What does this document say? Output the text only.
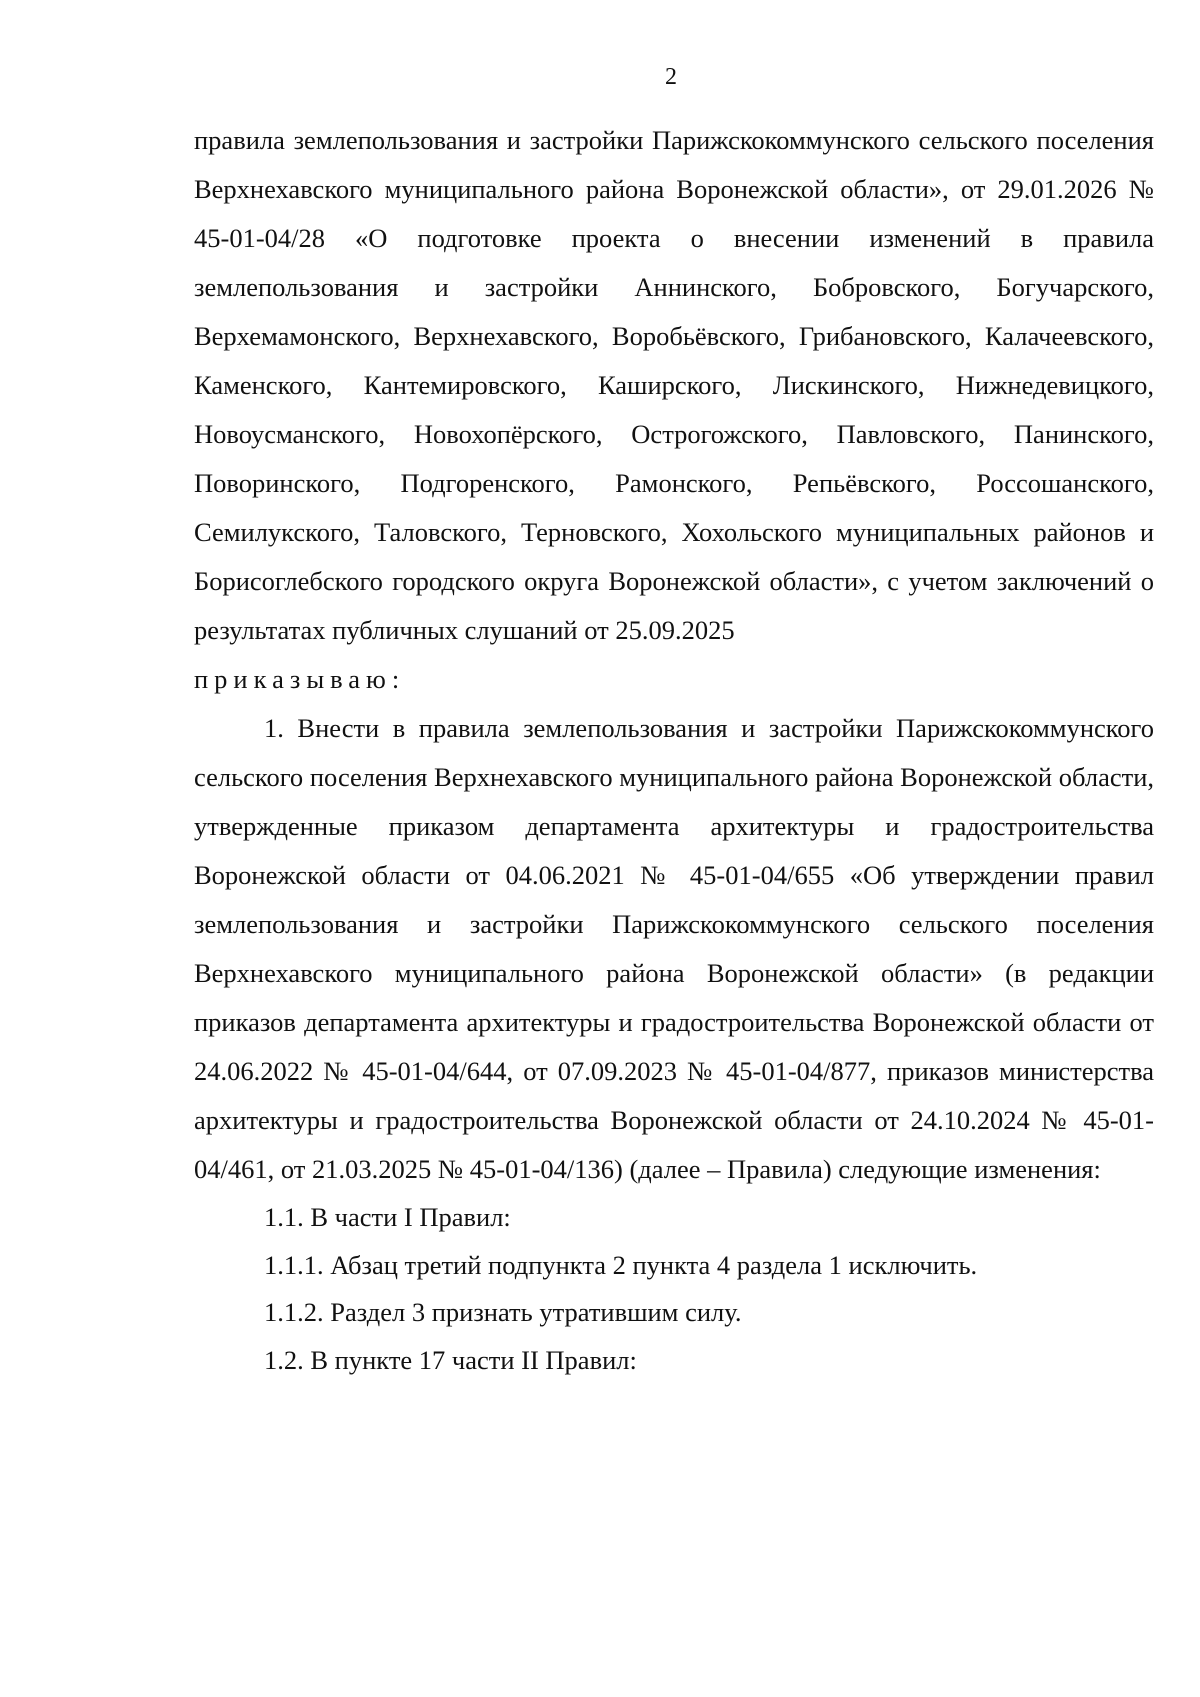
2

правила землепользования и застройки Парижскокоммунского сельского поселения Верхнехавского муниципального района Воронежской области», от 29.01.2026 № 45-01-04/28 «О подготовке проекта о внесении изменений в правила землепользования и застройки Аннинского, Бобровского, Богучарского, Верхемамонского, Верхнехавского, Воробьёвского, Грибановского, Калачеевского, Каменского, Кантемировского, Каширского, Лискинского, Нижнедевицкого, Новоусманского, Новохопёрского, Острогожского, Павловского, Панинского, Поворинского, Подгоренского, Рамонского, Репьёвского, Россошанского, Семилукского, Таловского, Терновского, Хохольского муниципальных районов и Борисоглебского городского округа Воронежской области», с учетом заключений о результатах публичных слушаний от 25.09.2025

приказываю:

1. Внести в правила землепользования и застройки Парижскокоммунского сельского поселения Верхнехавского муниципального района Воронежской области, утвержденные приказом департамента архитектуры и градостроительства Воронежской области от 04.06.2021 № 45-01-04/655 «Об утверждении правил землепользования и застройки Парижскокоммунского сельского поселения Верхнехавского муниципального района Воронежской области» (в редакции приказов департамента архитектуры и градостроительства Воронежской области от 24.06.2022 № 45-01-04/644, от 07.09.2023 № 45-01-04/877, приказов министерства архитектуры и градостроительства Воронежской области от 24.10.2024 № 45-01-04/461, от 21.03.2025 № 45-01-04/136) (далее – Правила) следующие изменения:

1.1. В части I Правил:

1.1.1. Абзац третий подпункта 2 пункта 4 раздела 1 исключить.

1.1.2. Раздел 3 признать утратившим силу.

1.2. В пункте 17 части II Правил:
